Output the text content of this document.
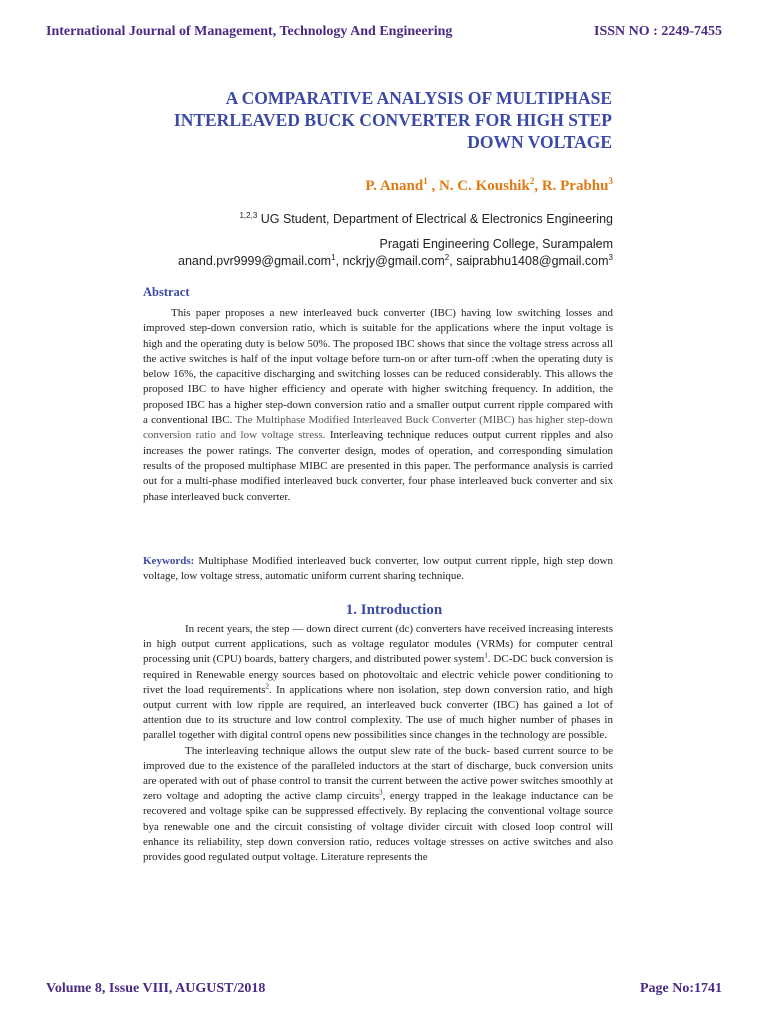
International Journal of Management, Technology And Engineering	ISSN NO : 2249-7455
A COMPARATIVE ANALYSIS OF MULTIPHASE
INTERLEAVED BUCK CONVERTER FOR HIGH STEP
DOWN VOLTAGE
P. Anand$^1$ , N. C. Koushik$^2$, R. Prabhu$^3$
$^{1,2,3}$ UG Student, Department of Electrical & Electronics Engineering
Pragati Engineering College, Surampalem
anand.pvr9999@gmail.com$^1$, nckrjy@gmail.com$^2$, saiprabhu1408@gmail.com$^3$
Abstract

This paper proposes a new interleaved buck converter (IBC) having low switching losses and improved step-down conversion ratio, which is suitable for the applications where the input voltage is high and the operating duty is below 50%. The proposed IBC shows that since the voltage stress across all the active switches is half of the input voltage before turn-on or after turn-off :when the operating duty is below 16%, the capacitive discharging and switching losses can be reduced considerably. This allows the proposed IBC to have higher efficiency and operate with higher switching frequency. In addition, the proposed IBC has a higher step-down conversion ratio and a smaller output current ripple compared with a conventional IBC. The Multiphase Modified Interleaved Buck Converter (MIBC) has higher step-down conversion ratio and low voltage stress. Interleaving technique reduces output current ripples and also increases the power ratings. The converter design, modes of operation, and corresponding simulation results of the proposed multiphase MIBC are presented in this paper. The performance analysis is carried out for a multi-phase modified interleaved buck converter, four phase interleaved buck converter and six phase interleaved buck converter.

Keywords: Multiphase Modified interleaved buck converter, low output current ripple, high step down voltage, low voltage stress, automatic uniform current sharing technique.

1. Introduction

In recent years, the step — down direct current (dc) converters have received increasing interests in high output current applications, such as voltage regulator modules (VRMs) for computer central processing unit (CPU) boards, battery chargers, and distributed power system$^1$. DC-DC buck conversion is required in Renewable energy sources based on photovoltaic and electric vehicle power conditioning to rivet the load requirements$^2$. In applications where non isolation, step down conversion ratio, and high output current with low ripple are required, an interleaved buck converter (IBC) has gained a lot of attention due to its structure and low control complexity. The use of much higher number of phases in parallel together with digital control opens new possibilities since changes in the technology are possible.

The interleaving technique allows the output slew rate of the buck- based current source to be improved due to the existence of the paralleled inductors at the start of discharge, buck conversion units are operated with out of phase control to transit the current between the active power switches smoothly at zero voltage and adopting the active clamp circuits$^3$, energy trapped in the leakage inductance can be recovered and voltage spike can be suppressed effectively. By replacing the conventional voltage source bya renewable one and the circuit consisting of voltage divider circuit with closed loop control will enhance its reliability, step down conversion ratio, reduces voltage stresses on active switches and also provides good regulated output voltage. Literature represents the

Volume 8, Issue VIII, AUGUST/2018	Page No:1741
